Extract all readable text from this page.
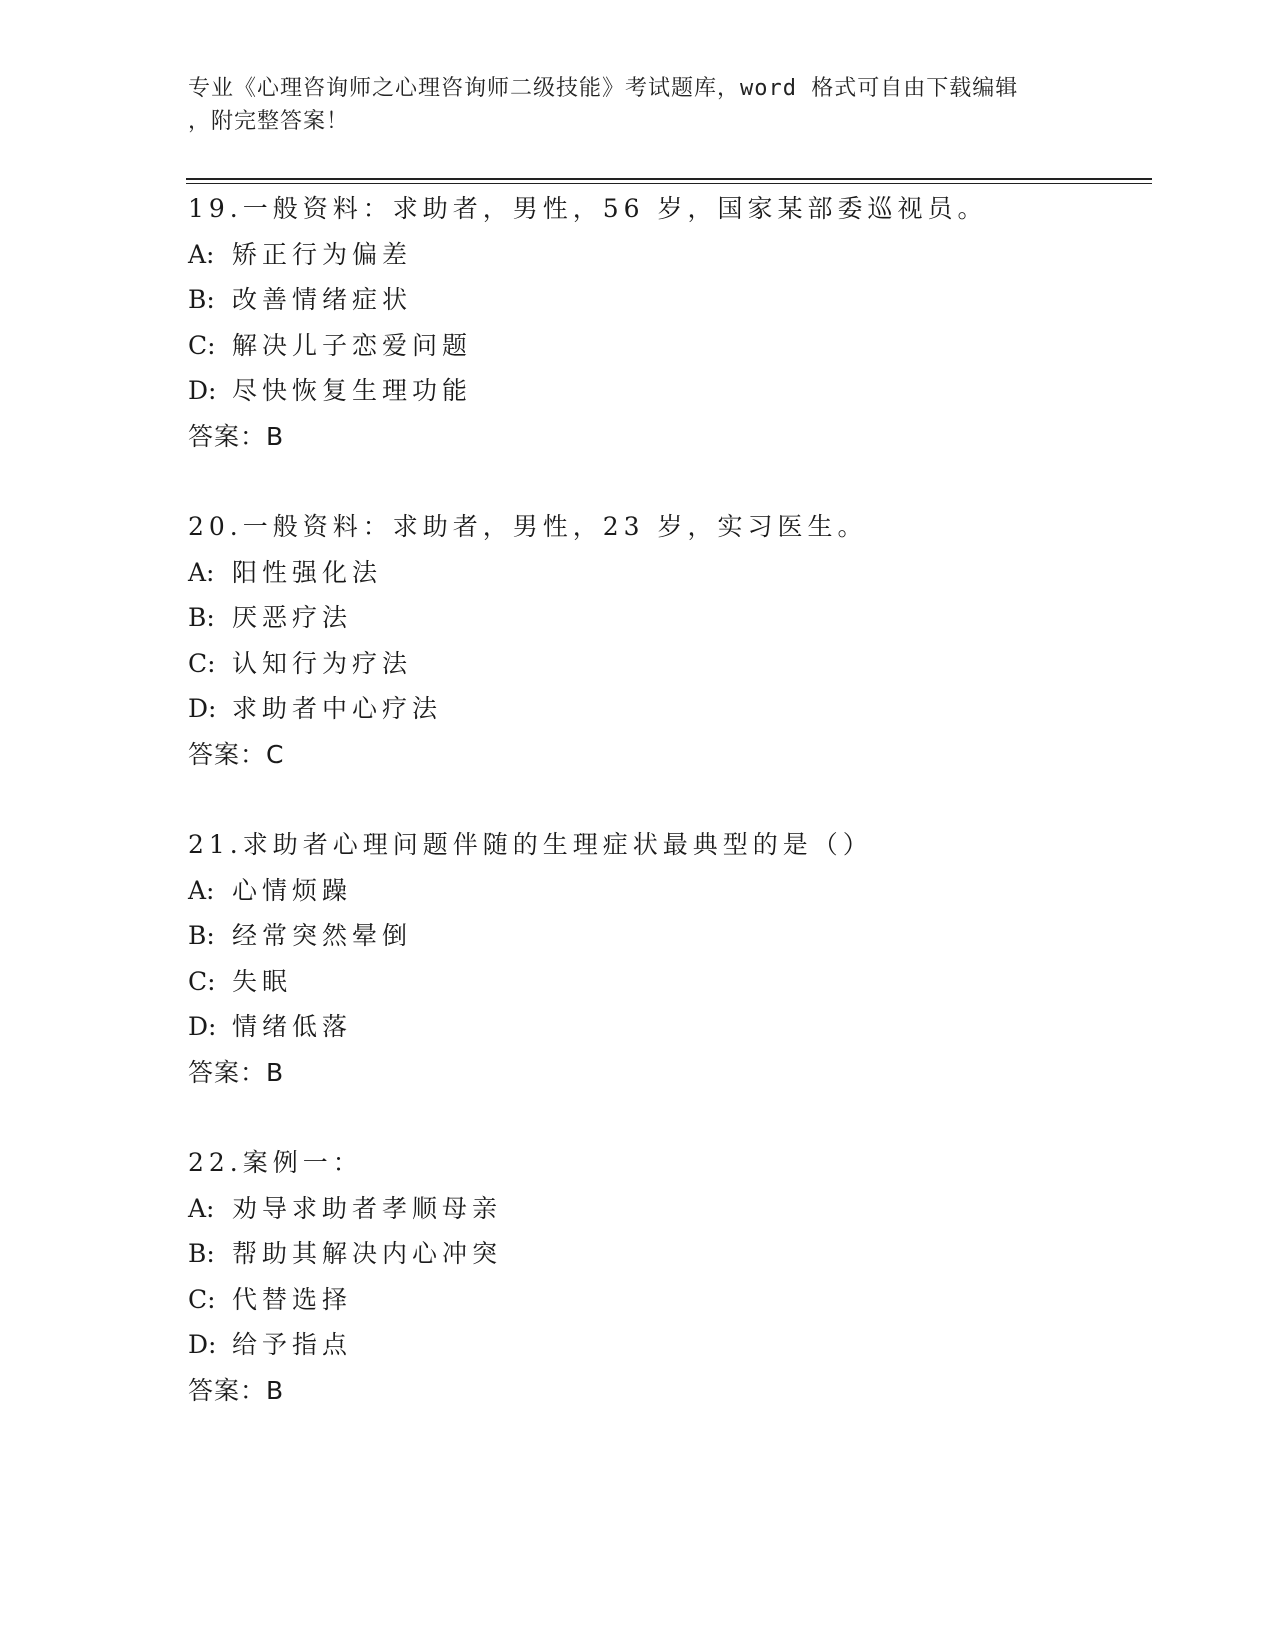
专业《心理咨询师之心理咨询师二级技能》考试题库，word 格式可自由下载编辑
，附完整答案！
19.一般资料：求助者，男性，56 岁，国家某部委巡视员。
A: 矫正行为偏差
B: 改善情绪症状
C: 解决儿子恋爱问题
D: 尽快恢复生理功能
答案：B
20.一般资料：求助者，男性，23 岁，实习医生。
A: 阳性强化法
B: 厌恶疗法
C: 认知行为疗法
D: 求助者中心疗法
答案：C
21.求助者心理问题伴随的生理症状最典型的是（）
A: 心情烦躁
B: 经常突然晕倒
C: 失眠
D: 情绪低落
答案：B
22.案例一：
A: 劝导求助者孝顺母亲
B: 帮助其解决内心冲突
C: 代替选择
D: 给予指点
答案：B
